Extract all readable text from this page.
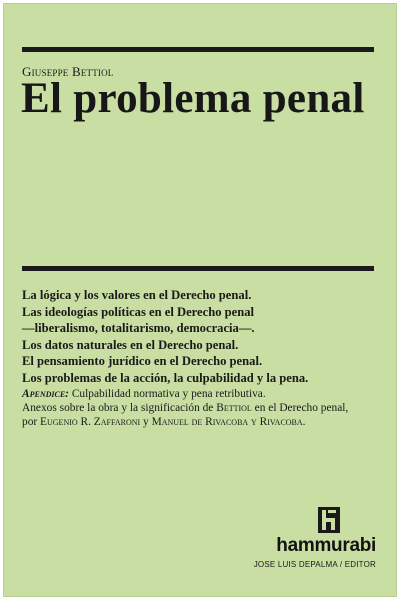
Giuseppe Bettiol
El problema penal
La lógica y los valores en el Derecho penal.
Las ideologías políticas en el Derecho penal
—liberalismo, totalitarismo, democracia—.
Los datos naturales en el Derecho penal.
El pensamiento jurídico en el Derecho penal.
Los problemas de la acción, la culpabilidad y la pena.
Apendice: Culpabilidad normativa y pena retributiva.
Anexos sobre la obra y la significación de Bettiol en el Derecho penal,
por Eugenio R. Zaffaroni y Manuel de Rivacoba y Rivacoba.
hammurabi
JOSE LUIS DEPALMA / EDITOR
